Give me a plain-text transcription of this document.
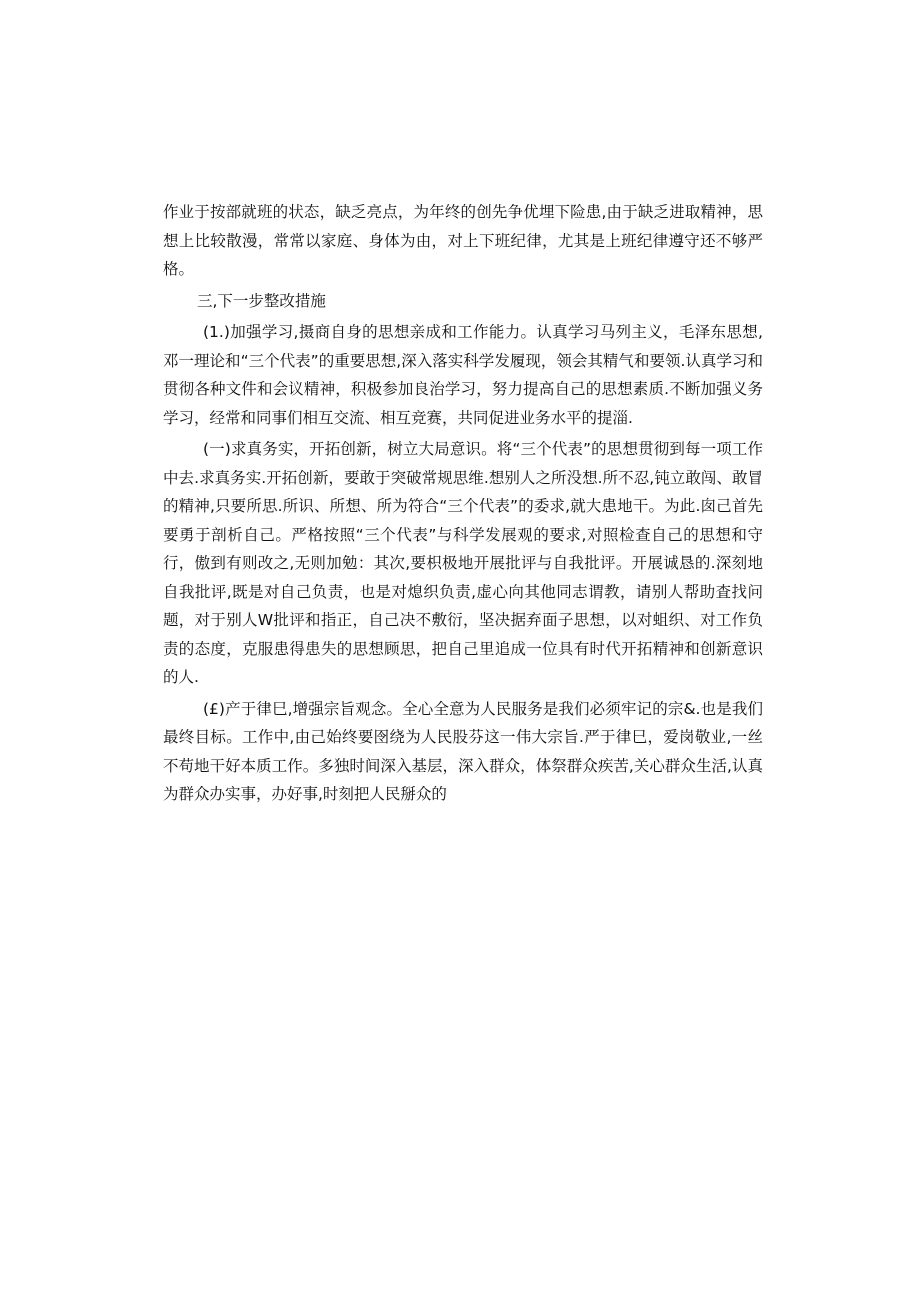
作业于按部就班的状态，缺乏亮点，为年终的创先争优埋下险患,由于缺乏进取精神，思想上比较散漫，常常以家庭、身体为由，对上下班纪律，尤其是上班纪律遵守还不够严格。

三,下一步整改措施

(1.)加强学习,摄商自身的思想亲成和工作能力。认真学习马列主义，毛泽东思想,邓一理论和“三个代表”的重要思想,深入落实科学发履现，领会其精气和要领.认真学习和贯彻各种文件和会议精神，积极参加良治学习，努力提高自己的思想素质.不断加强义务学习，经常和同事们相互交流、相互竞赛，共同促进业务水平的提淄.

(一)求真务实，开拓创新，树立大局意识。将“三个代表”的思想贯彻到每一项工作中去.求真务实.开拓创新，要敢于突破常规思维.想别人之所没想.所不忍,钝立敢闯、敢冒的精神,只要所思.所识、所想、所为符合“三个代表”的委求,就大患地干。为此.囱己首先要勇于剖析自己。严格按照“三个代表”与科学发展观的要求,对照检查自己的思想和守行，傲到有则改之,无则加勉：其次,要枳极地开展批评与自我批评。开展诚恳的.深刻地自我批评,既是对自己负责，也是对熄织负责,虚心向其他同志谓教，请别人帮助査找问题，对于别人W批评和指正，自己决不敷衍，坚决据弃面子思想，以对蛆织、对工作负责的态度，克服患得患失的思想顾思，把自己里追成一位具有时代开拓精神和创新意识的人.

(£)产于律巳,增强宗旨观念。全心全意为人民服务是我们必须牢记的宗&.也是我们最终目标。工作中,由己始终要囹绕为人民股芬这一伟大宗旨.严于律巳，爱岗敬业,一丝不苟地干好本质工作。多独时间深入基层，深入群众，体祭群众疾苦,关心群众生活,认真为群众办实事，办好事,时刻把人民掰众的
